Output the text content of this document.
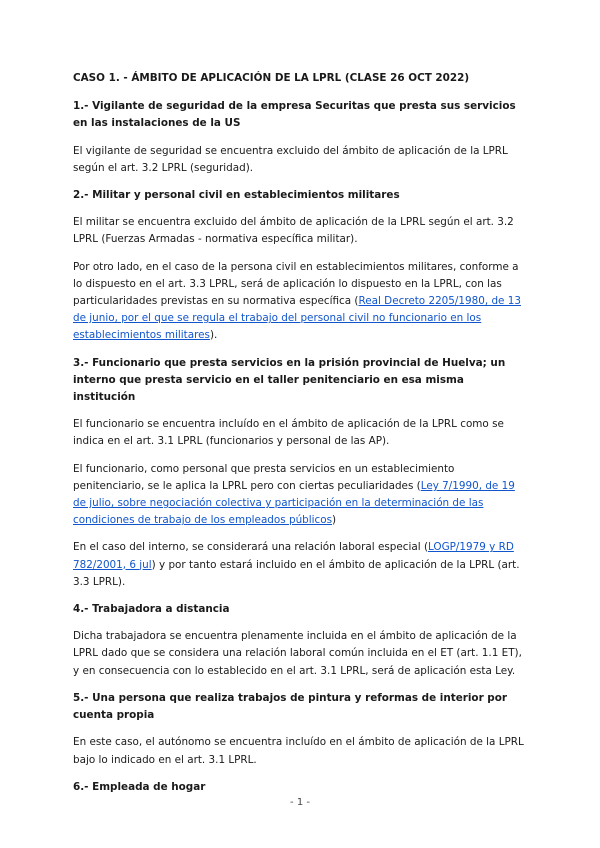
CASO 1. - ÁMBITO DE APLICACIÓN DE LA LPRL (CLASE 26 OCT 2022)

1.- Vigilante de seguridad de la empresa Securitas que presta sus servicios en las instalaciones de la US

El vigilante de seguridad se encuentra excluido del ámbito de aplicación de la LPRL según el art. 3.2 LPRL (seguridad).

2.- Militar y personal civil en establecimientos militares

El militar se encuentra excluido del ámbito de aplicación de la LPRL según el art. 3.2 LPRL (Fuerzas Armadas - normativa específica militar).

Por otro lado, en el caso de la persona civil en establecimientos militares, conforme a lo dispuesto en el art. 3.3 LPRL, será de aplicación lo dispuesto en la LPRL, con las particularidades previstas en su normativa específica (Real Decreto 2205/1980, de 13 de junio, por el que se regula el trabajo del personal civil no funcionario en los establecimientos militares).

3.- Funcionario que presta servicios en la prisión provincial de Huelva; un interno que presta servicio en el taller penitenciario en esa misma institución

El funcionario se encuentra incluído en el ámbito de aplicación de la LPRL como se indica en el art. 3.1 LPRL (funcionarios y personal de las AP).

El funcionario, como personal que presta servicios en un establecimiento penitenciario, se le aplica la LPRL pero con ciertas peculiaridades (Ley 7/1990, de 19 de julio, sobre negociación colectiva y participación en la determinación de las condiciones de trabajo de los empleados públicos)

En el caso del interno, se considerará una relación laboral especial (LOGP/1979 y RD 782/2001, 6 jul) y por tanto estará incluido en el ámbito de aplicación de la LPRL (art. 3.3 LPRL).

4.- Trabajadora a distancia

Dicha trabajadora se encuentra plenamente incluida en el ámbito de aplicación de la LPRL dado que se considera una relación laboral común incluida en el ET (art. 1.1 ET), y en consecuencia con lo establecido en el art. 3.1 LPRL, será de aplicación esta Ley.

5.- Una persona que realiza trabajos de pintura y reformas de interior por cuenta propia

En este caso, el autónomo se encuentra incluído en el ámbito de aplicación de la LPRL bajo lo indicado en el art. 3.1 LPRL.

6.- Empleada de hogar

- 1 -
